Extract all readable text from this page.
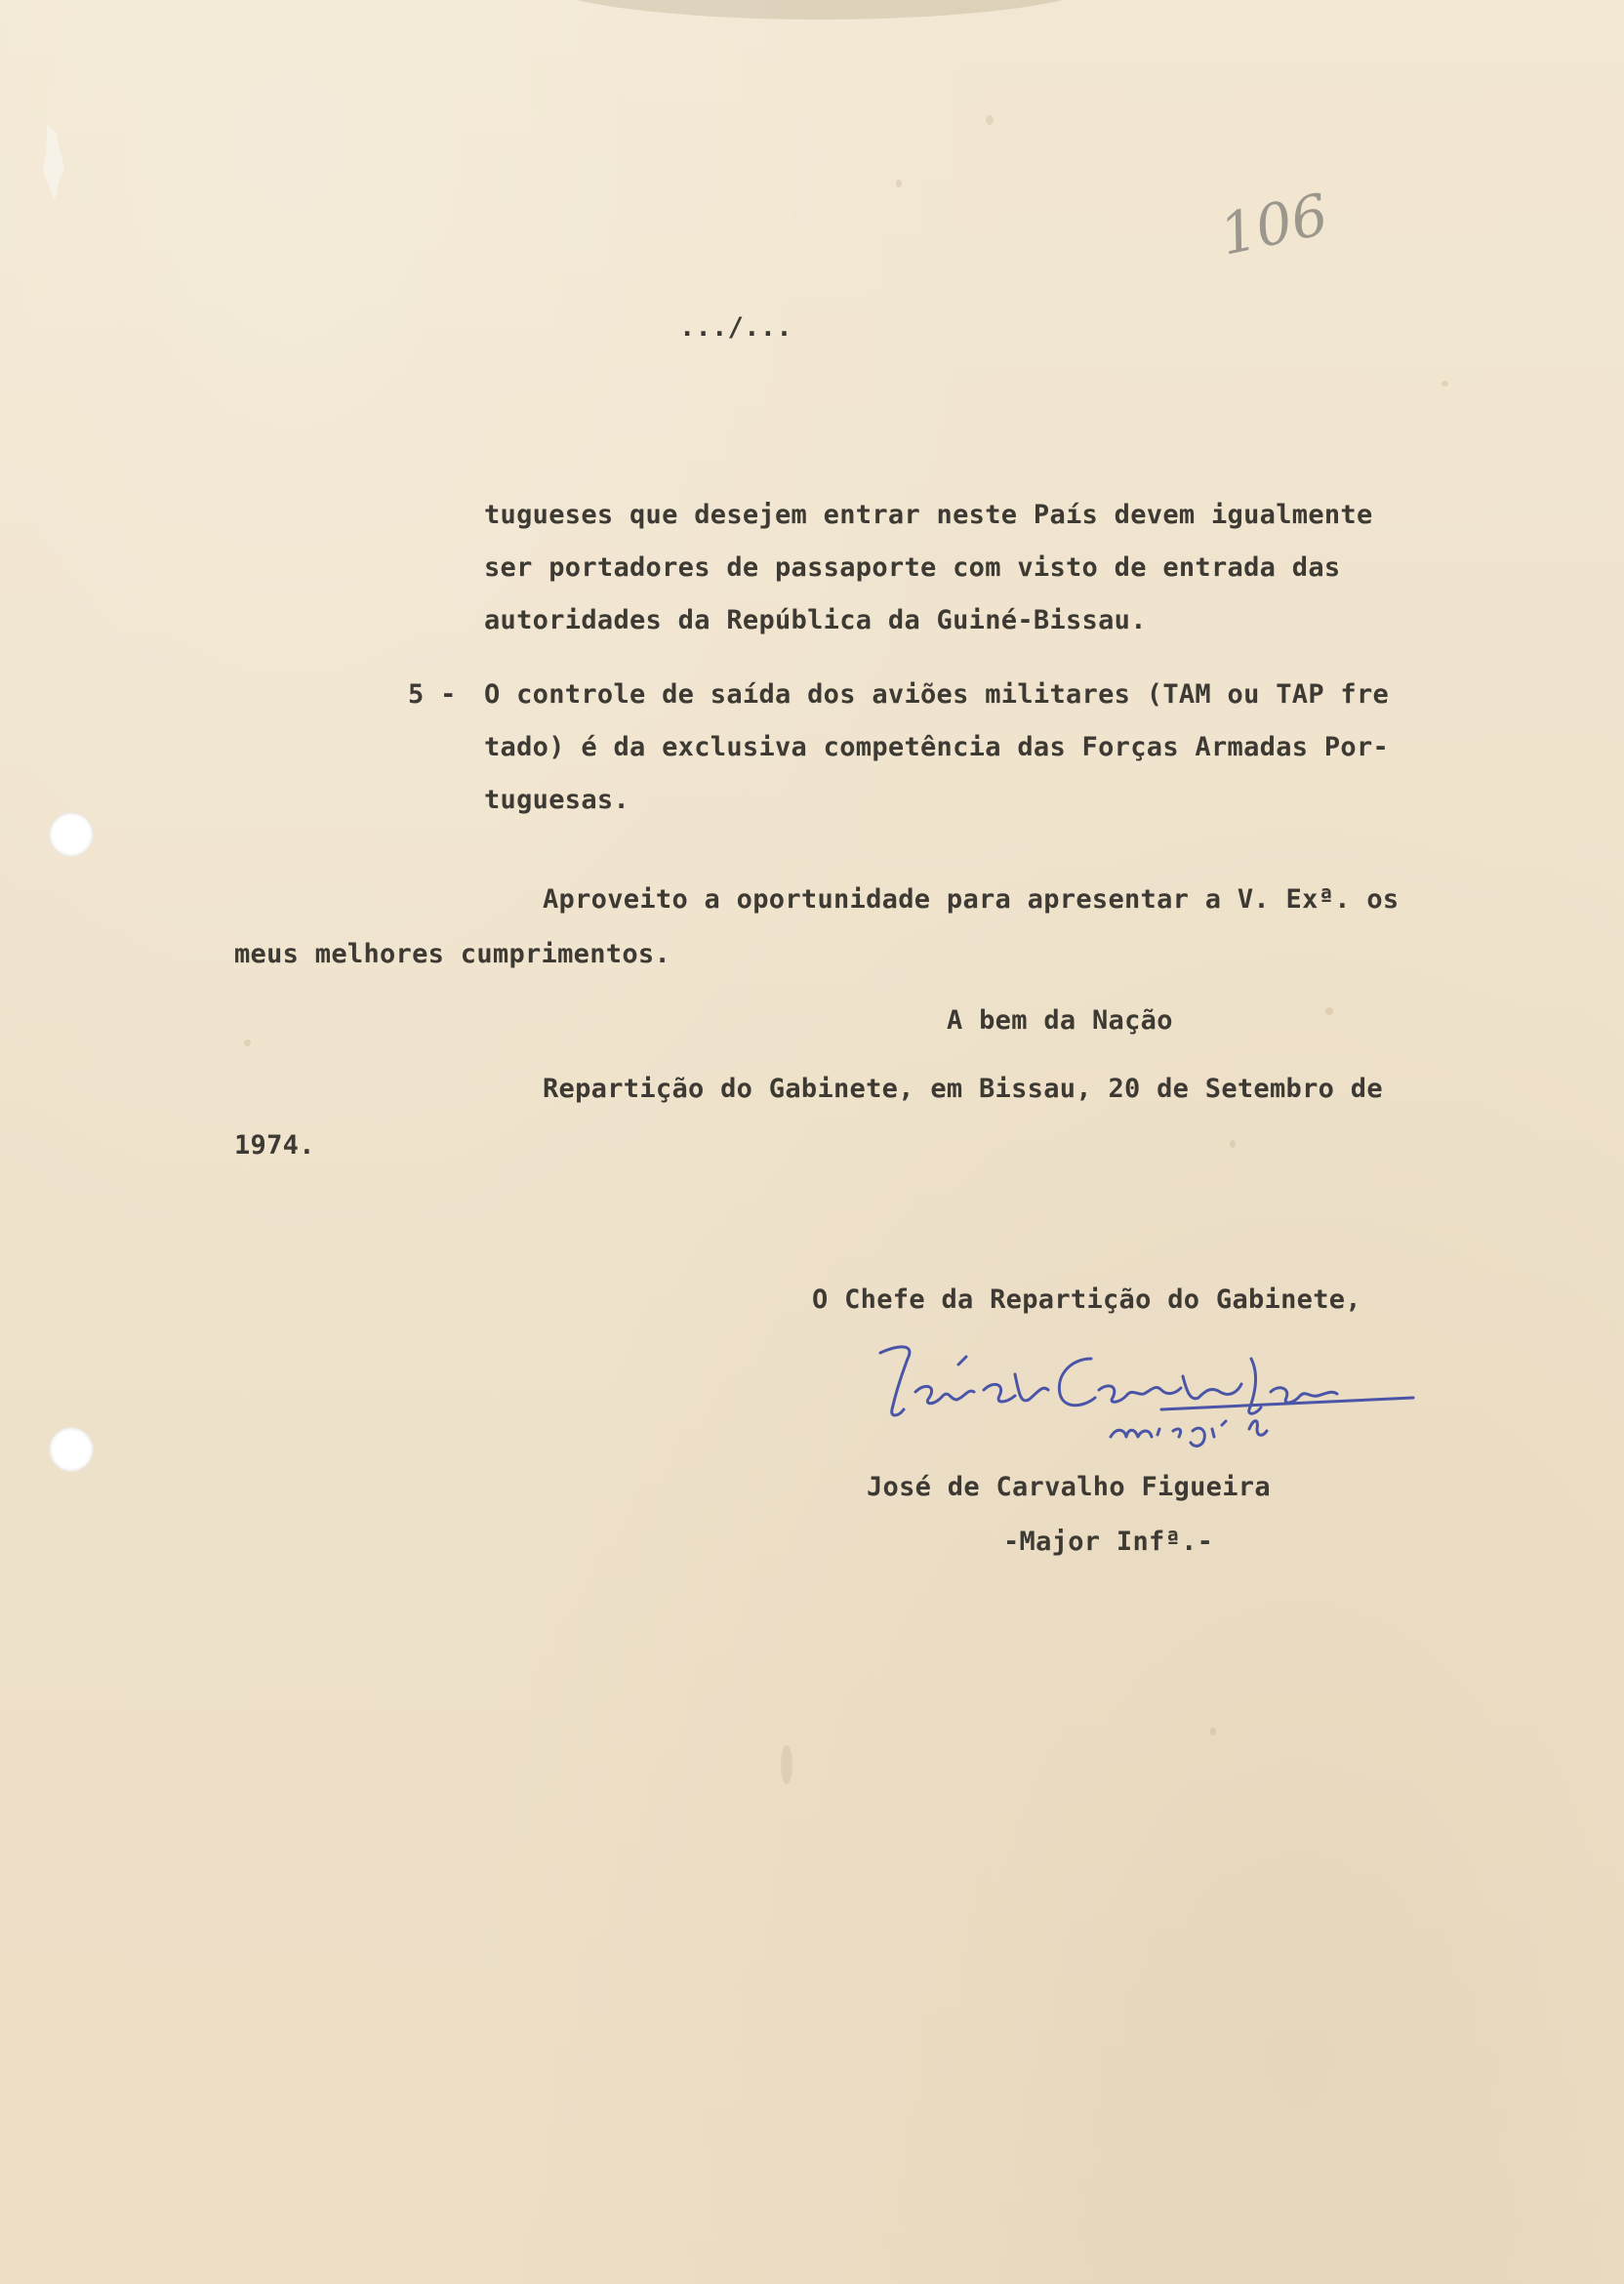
106
.../...
tugueses que desejem entrar neste País devem igualmente
ser portadores de passaporte com visto de entrada das
autoridades da República da Guiné-Bissau.
5 - O controle de saída dos aviões militares (TAM ou TAP fre
tado) é da exclusiva competência das Forças Armadas Por-
tuguesas.
Aproveito a oportunidade para apresentar a V. Exª. os
meus melhores cumprimentos.
A bem da Nação
Repartição do Gabinete, em Bissau, 20 de Setembro de
1974.
O Chefe da Repartição do Gabinete,
José de Carvalho Figueira
-Major Infª.-
